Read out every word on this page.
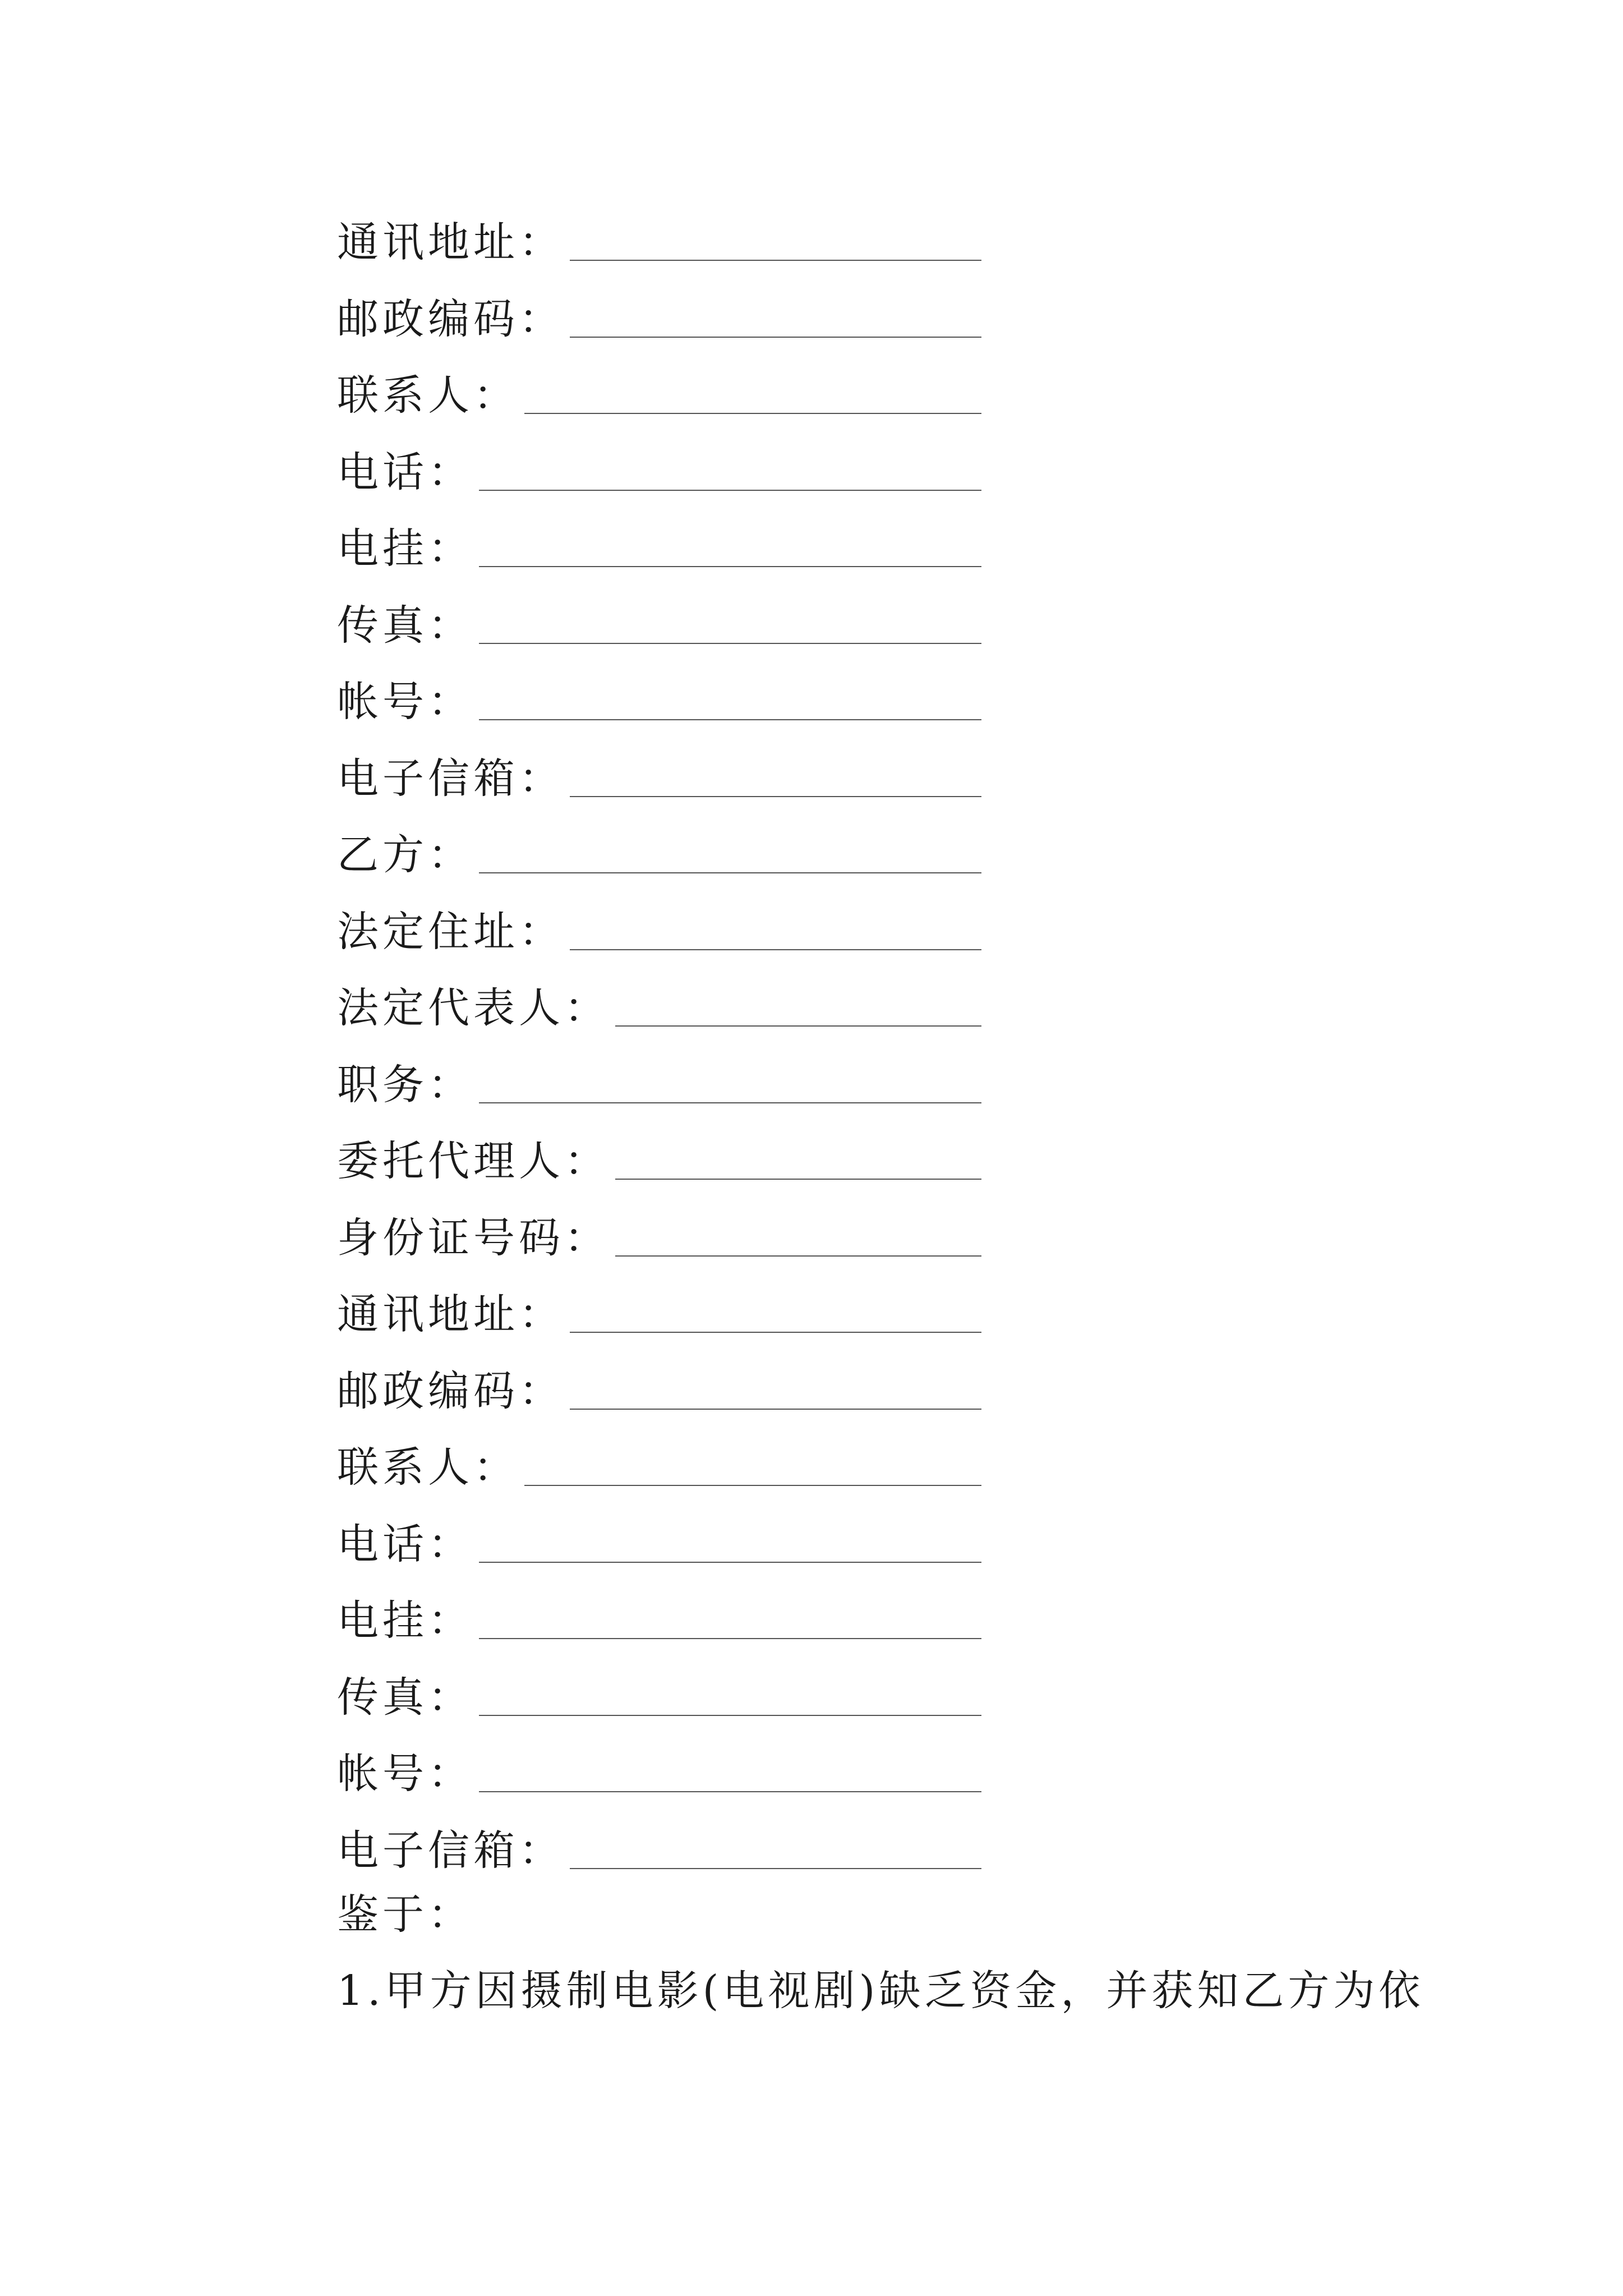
通讯地址：
邮政编码：
联系人：
电话：
电挂：
传真：
帐号：
电子信箱：
乙方：
法定住址：
法定代表人：
职务：
委托代理人：
身份证号码：
通讯地址：
邮政编码：
联系人：
电话：
电挂：
传真：
帐号：
电子信箱：
鉴于：
1.甲方因摄制电影(电视剧)缺乏资金，并获知乙方为依
